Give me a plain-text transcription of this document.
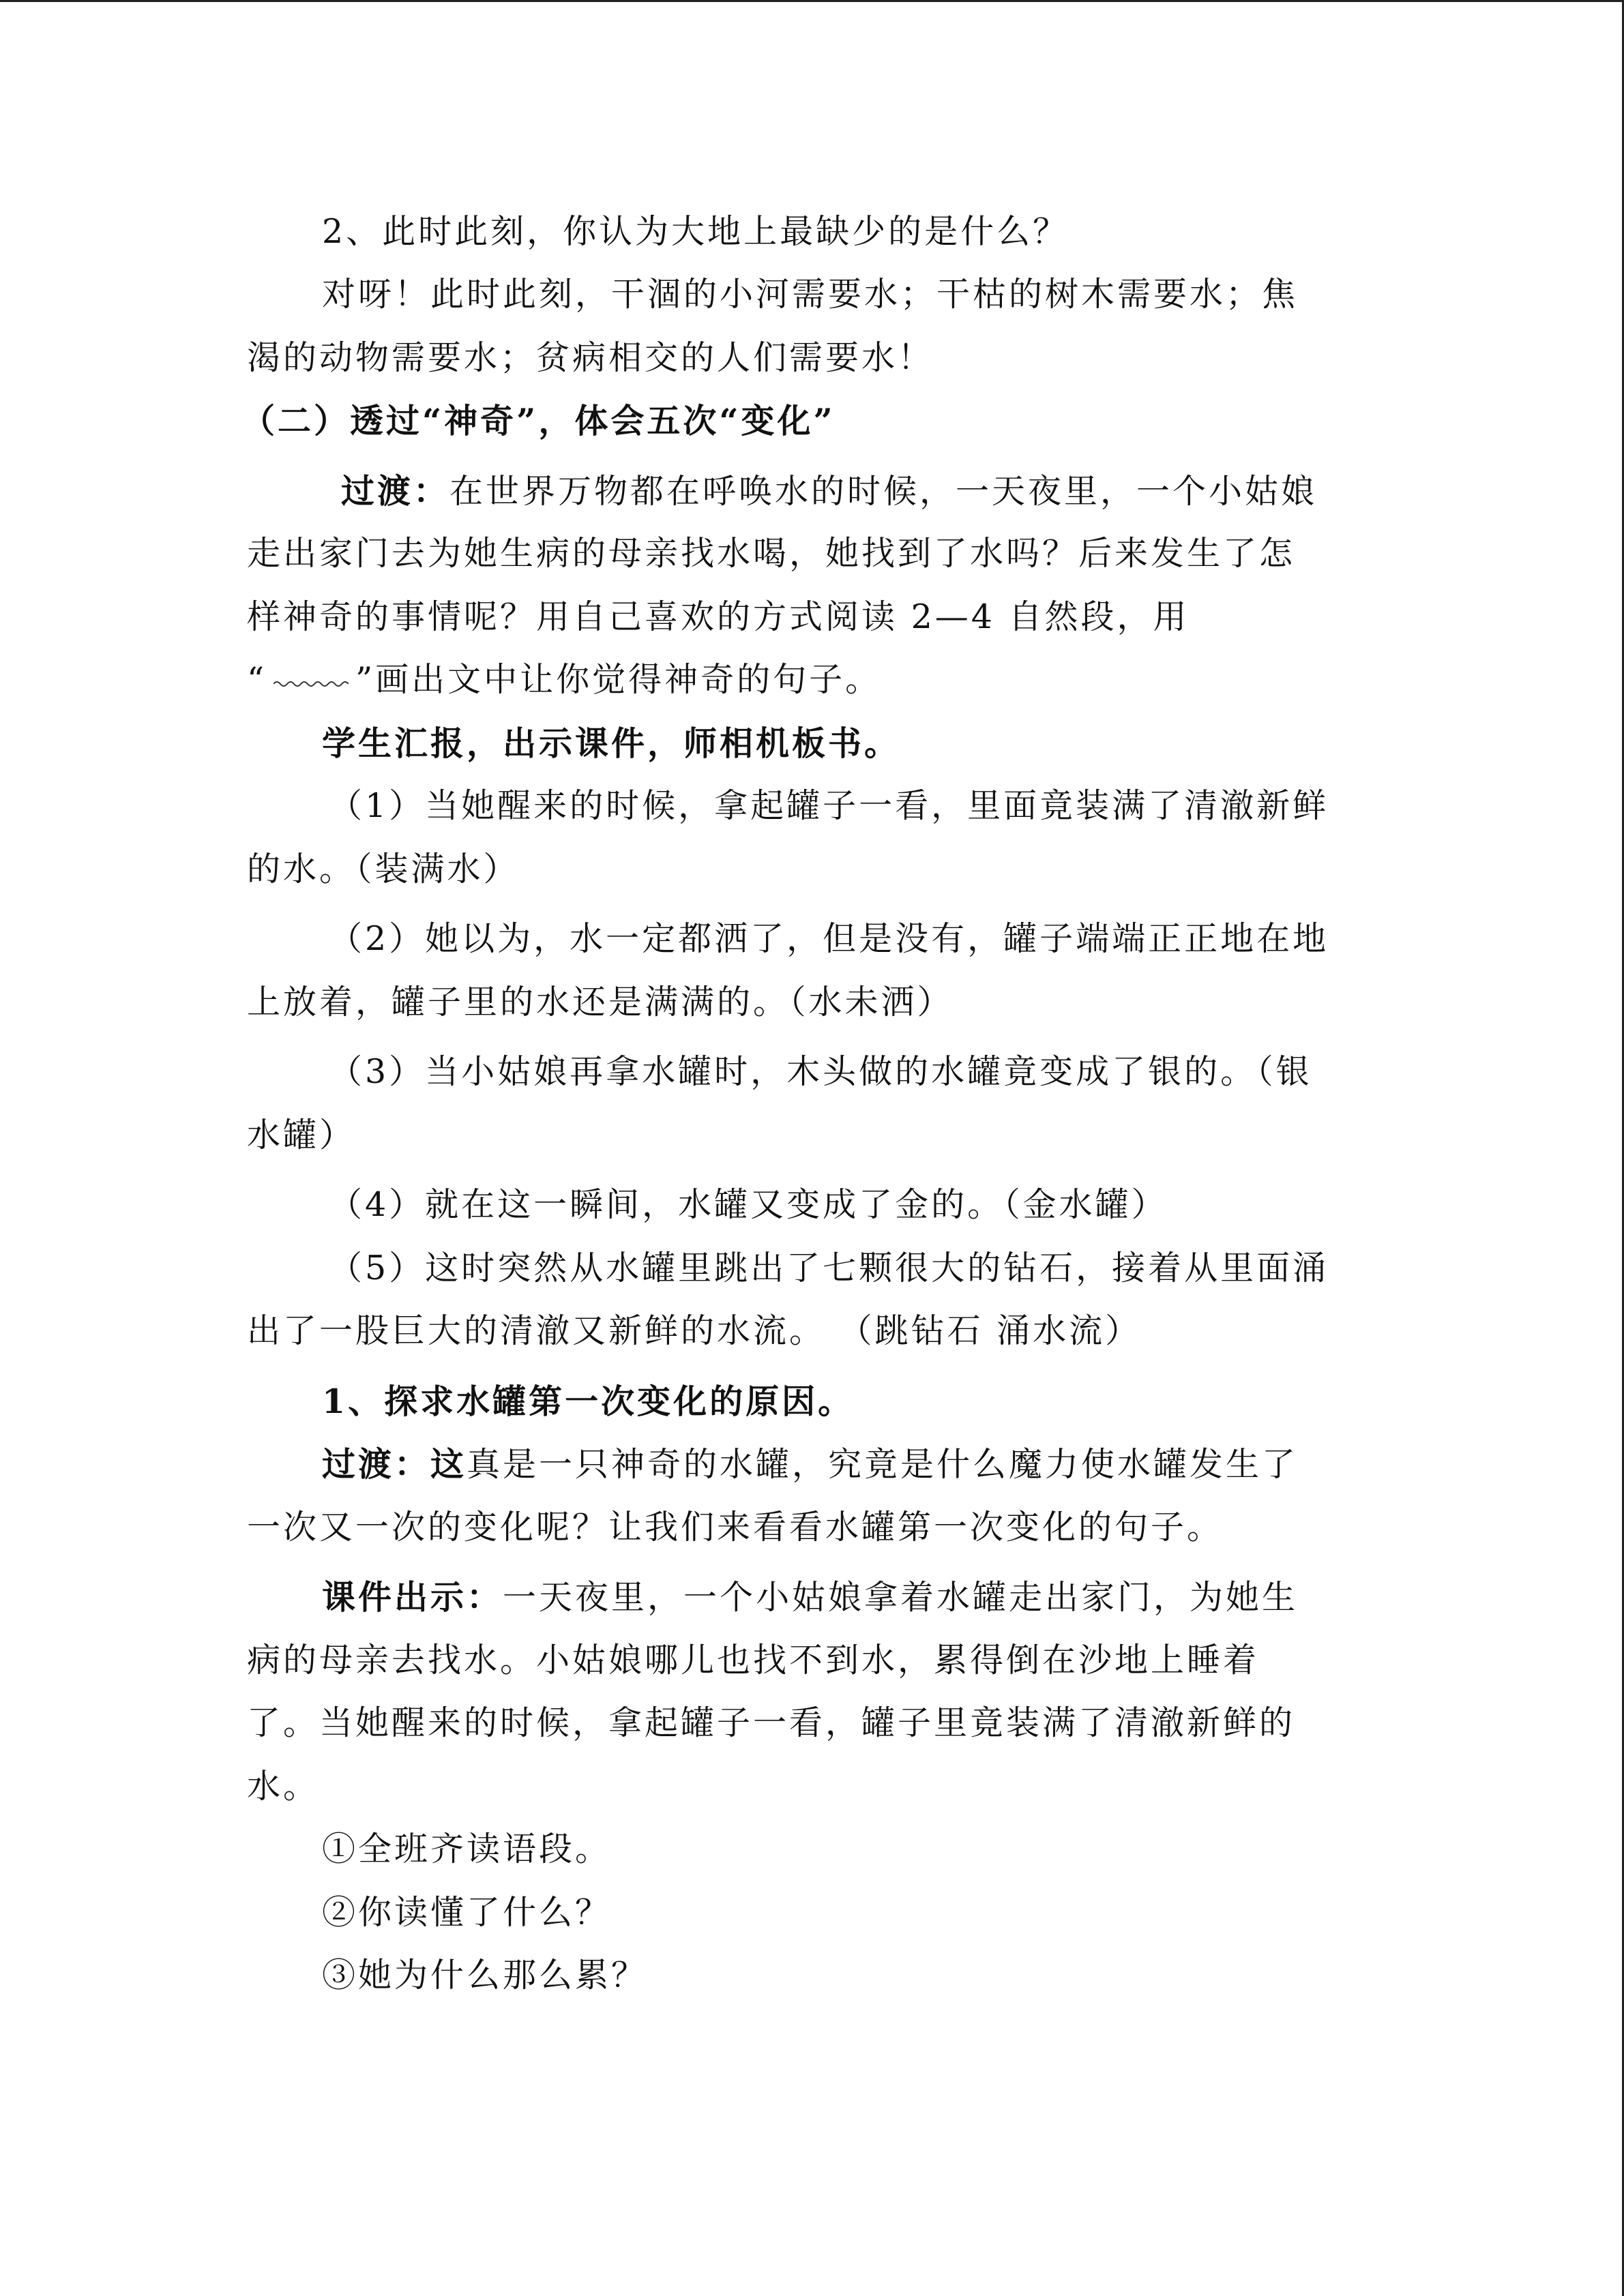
2、此时此刻，你认为大地上最缺少的是什么？
对呀！此时此刻，干涸的小河需要水；干枯的树木需要水；焦
渴的动物需要水；贫病相交的人们需要水！
（二）透过“神奇”，体会五次“变化”
过渡：在世界万物都在呼唤水的时候，一天夜里，一个小姑娘
走出家门去为她生病的母亲找水喝，她找到了水吗？后来发生了怎
样神奇的事情呢？用自己喜欢的方式阅读 2—4 自然段，用
“	”画出文中让你觉得神奇的句子。
学生汇报，出示课件，师相机板书。
（1）当她醒来的时候，拿起罐子一看，里面竟装满了清澈新鲜
的水。（装满水）
（2）她以为，水一定都洒了，但是没有，罐子端端正正地在地
上放着，罐子里的水还是满满的。（水未洒）
（3）当小姑娘再拿水罐时，木头做的水罐竟变成了银的。（银
水罐）
（4）就在这一瞬间，水罐又变成了金的。（金水罐）
（5）这时突然从水罐里跳出了七颗很大的钻石，接着从里面涌
出了一股巨大的清澈又新鲜的水流。 （跳钻石 涌水流）
1、探求水罐第一次变化的原因。
过渡：这真是一只神奇的水罐，究竟是什么魔力使水罐发生了
一次又一次的变化呢？让我们来看看水罐第一次变化的句子。
课件出示：一天夜里，一个小姑娘拿着水罐走出家门，为她生
病的母亲去找水。小姑娘哪儿也找不到水，累得倒在沙地上睡着
了。当她醒来的时候，拿起罐子一看，罐子里竟装满了清澈新鲜的
水。
①全班齐读语段。
②你读懂了什么？
③她为什么那么累？
